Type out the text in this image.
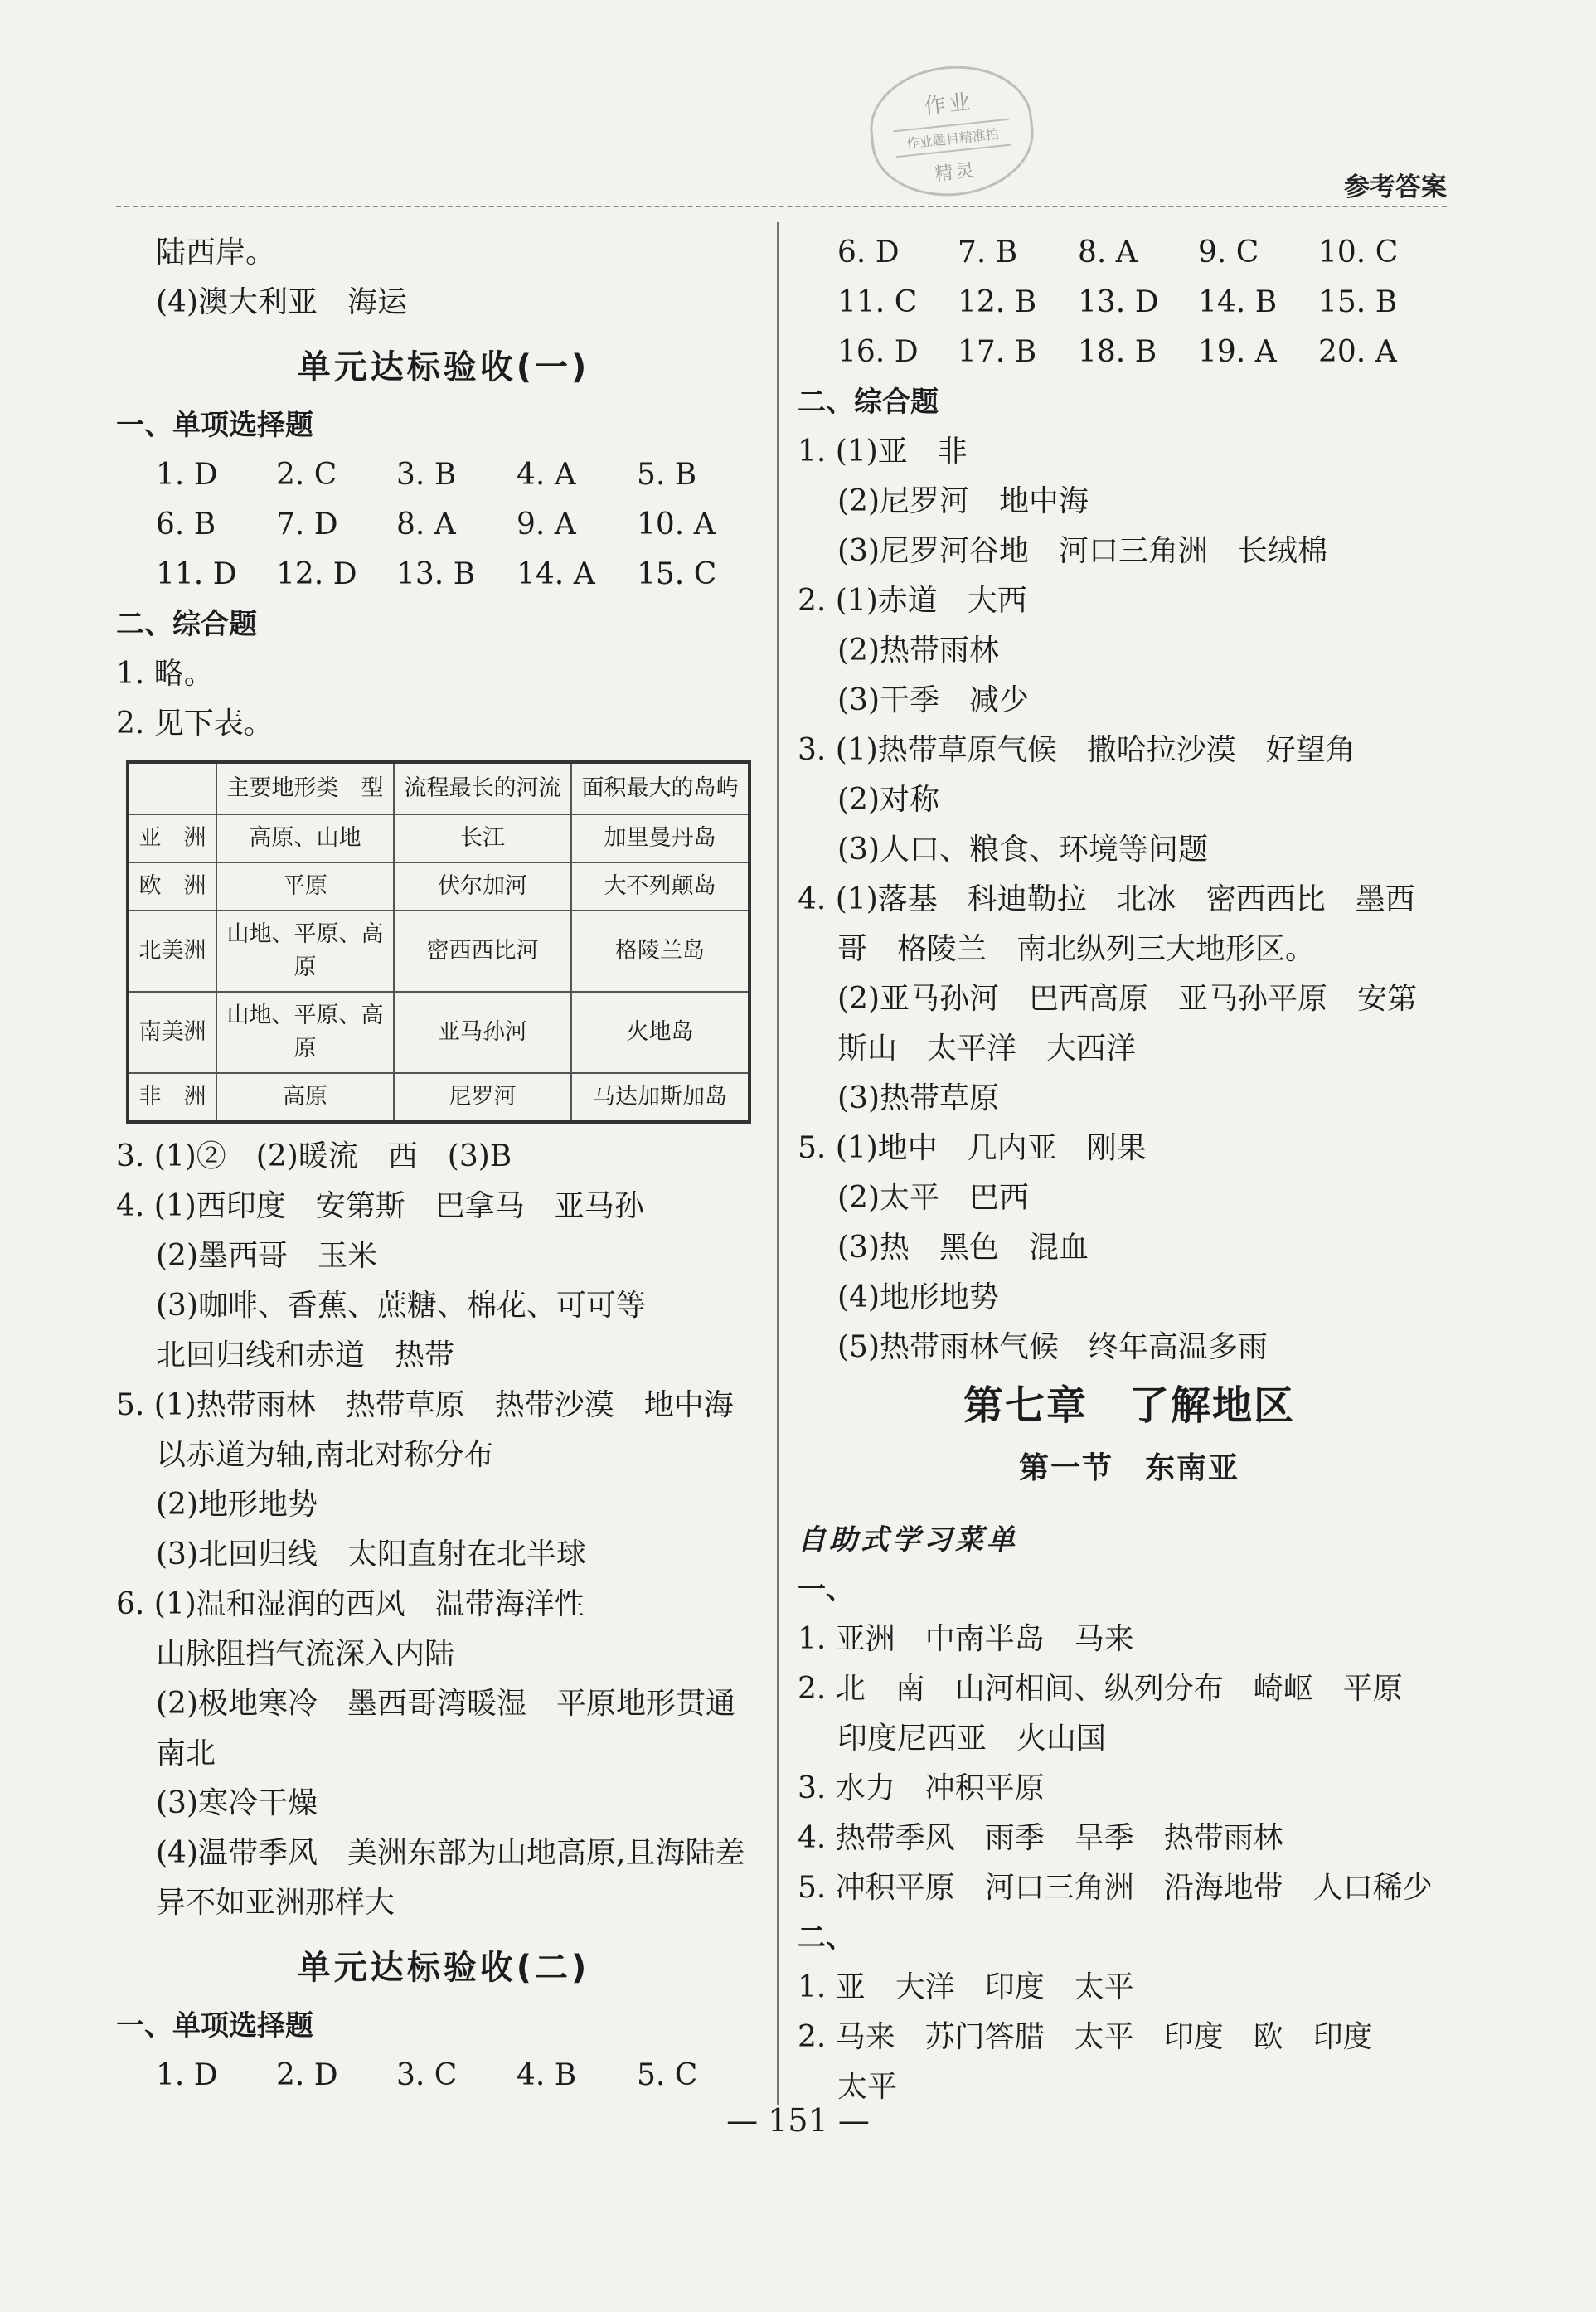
作业
作业题目精准拍
精灵	参考答案
陆西岸。
(4)澳大利亚　海运
单元达标验收(一)
一、单项选择题
1. D	2. C	3. B	4. A	5. B
6. B	7. D	8. A	9. A	10. A
11. D	12. D	13. B	14. A	15. C
二、综合题
1. 略。
2. 见下表。
	主要地形类　型	流程最长的河流	面积最大的岛屿
亚　洲	高原、山地	长江	加里曼丹岛
欧　洲	平原	伏尔加河	大不列颠岛
北美洲	山地、平原、高原	密西西比河	格陵兰岛
南美洲	山地、平原、高原	亚马孙河	火地岛
非　洲	高原	尼罗河	马达加斯加岛
3. (1)②　(2)暖流　西　(3)B
4. (1)西印度　安第斯　巴拿马　亚马孙
(2)墨西哥　玉米
(3)咖啡、香蕉、蔗糖、棉花、可可等
北回归线和赤道　热带
5. (1)热带雨林　热带草原　热带沙漠　地中海
以赤道为轴,南北对称分布
(2)地形地势
(3)北回归线　太阳直射在北半球
6. (1)温和湿润的西风　温带海洋性
山脉阻挡气流深入内陆
(2)极地寒冷　墨西哥湾暖湿　平原地形贯通
南北
(3)寒冷干燥
(4)温带季风　美洲东部为山地高原,且海陆差
异不如亚洲那样大
单元达标验收(二)
一、单项选择题
1. D	2. D	3. C	4. B	5. C
6. D	7. B	8. A	9. C	10. C
11. C	12. B	13. D	14. B	15. B
16. D	17. B	18. B	19. A	20. A
二、综合题
1. (1)亚　非
(2)尼罗河　地中海
(3)尼罗河谷地　河口三角洲　长绒棉
2. (1)赤道　大西
(2)热带雨林
(3)干季　减少
3. (1)热带草原气候　撒哈拉沙漠　好望角
(2)对称
(3)人口、粮食、环境等问题
4. (1)落基　科迪勒拉　北冰　密西西比　墨西
哥　格陵兰　南北纵列三大地形区。
(2)亚马孙河　巴西高原　亚马孙平原　安第
斯山　太平洋　大西洋
(3)热带草原
5. (1)地中　几内亚　刚果
(2)太平　巴西
(3)热　黑色　混血
(4)地形地势
(5)热带雨林气候　终年高温多雨
第七章　了解地区
第一节　东南亚
自助式学习菜单
一、
1. 亚洲　中南半岛　马来
2. 北　南　山河相间、纵列分布　崎岖　平原
印度尼西亚　火山国
3. 水力　冲积平原
4. 热带季风　雨季　旱季　热带雨林
5. 冲积平原　河口三角洲　沿海地带　人口稀少
二、
1. 亚　大洋　印度　太平
2. 马来　苏门答腊　太平　印度　欧　印度
太平
— 151 —
